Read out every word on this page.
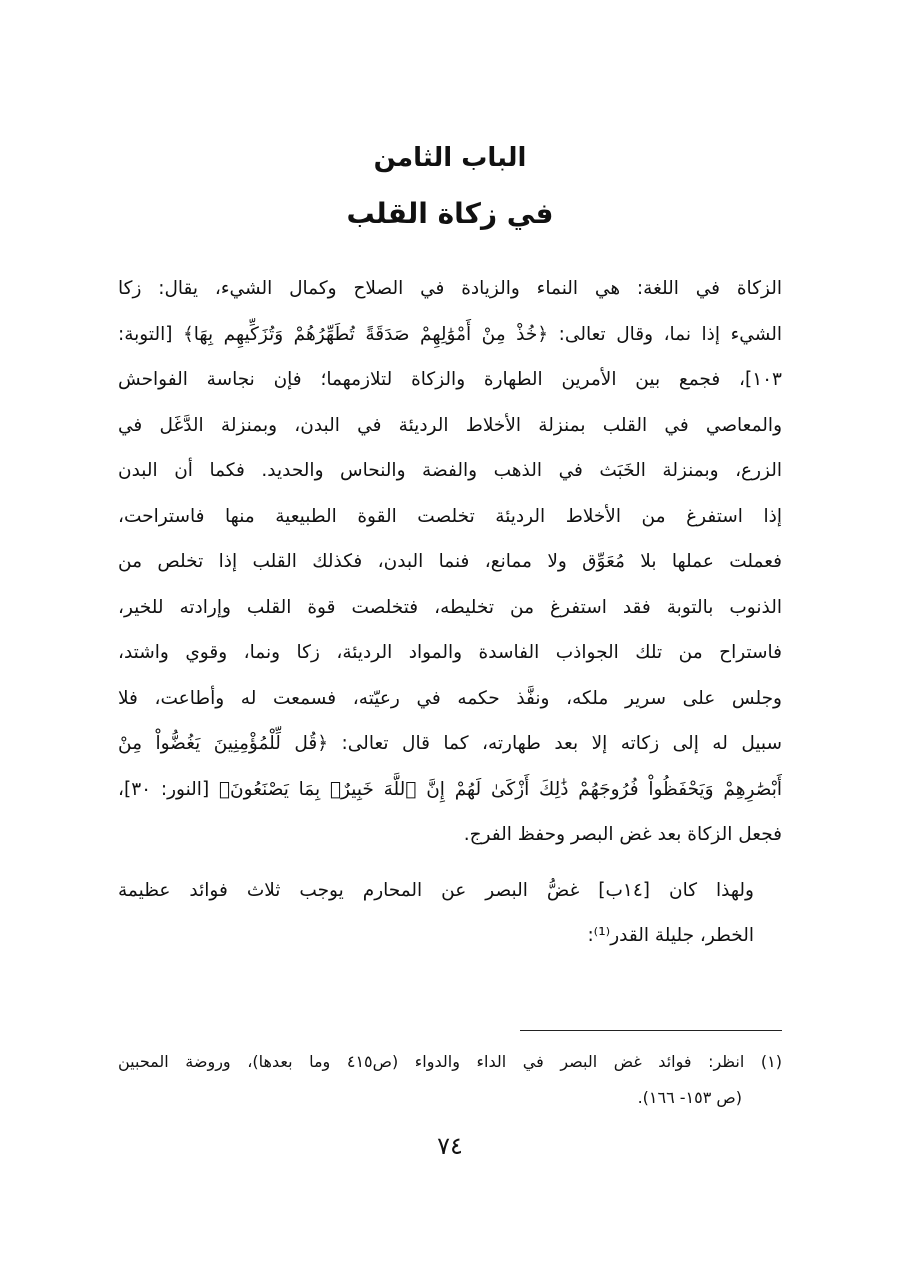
الباب الثامن
في زكاة القلب

الزكاة في اللغة: هي النماء والزيادة في الصلاح وكمال الشيء، يقال: زكا
الشيء إذا نما، وقال تعالى: ﴿خُذْ مِنْ أَمْوَٰلِهِمْ صَدَقَةً تُطَهِّرُهُمْ وَتُزَكِّيهِم بِهَا﴾ [التوبة:
١٠٣]، فجمع بين الأمرين الطهارة والزكاة لتلازمهما؛ فإن نجاسة الفواحش
والمعاصي في القلب بمنزلة الأخلاط الرديئة في البدن، وبمنزلة الدَّغَل في
الزرع، وبمنزلة الخَبَث في الذهب والفضة والنحاس والحديد. فكما أن البدن
إذا استفرغ من الأخلاط الرديئة تخلصت القوة الطبيعية منها فاستراحت،
فعملت عملها بلا مُعَوِّق ولا ممانع، فنما البدن، فكذلك القلب إذا تخلص من
الذنوب بالتوبة فقد استفرغ من تخليطه، فتخلصت قوة القلب وإرادته للخير،
فاستراح من تلك الجواذب الفاسدة والمواد الرديئة، زكا ونما، وقوي واشتد،
وجلس على سرير ملكه، ونفَّذ حكمه في رعيّته، فسمعت له وأطاعت، فلا
سبيل له إلى زكاته إلا بعد طهارته، كما قال تعالى: ﴿قُل لِّلْمُؤْمِنِينَ يَغُضُّواْ مِنْ
أَبْصَٰرِهِمْ وَيَحْفَظُواْ فُرُوجَهُمْ ذَٰلِكَ أَزْكَىٰ لَهُمْ إِنَّ ٱللَّهَ خَبِيرٌۢ بِمَا يَصْنَعُونَ﴾ [النور: ٣٠]،
فجعل الزكاة بعد غض البصر وحفظ الفرج.

ولهذا كان [١٤ب] غضُّ البصر عن المحارم يوجب ثلاث فوائد عظيمة
الخطر، جليلة القدر⁽¹⁾:

(١) انظر: فوائد غض البصر في الداء والدواء (ص٤١٥ وما بعدها)، وروضة المحبين
(ص ١٥٣- ١٦٦).
٧٤
